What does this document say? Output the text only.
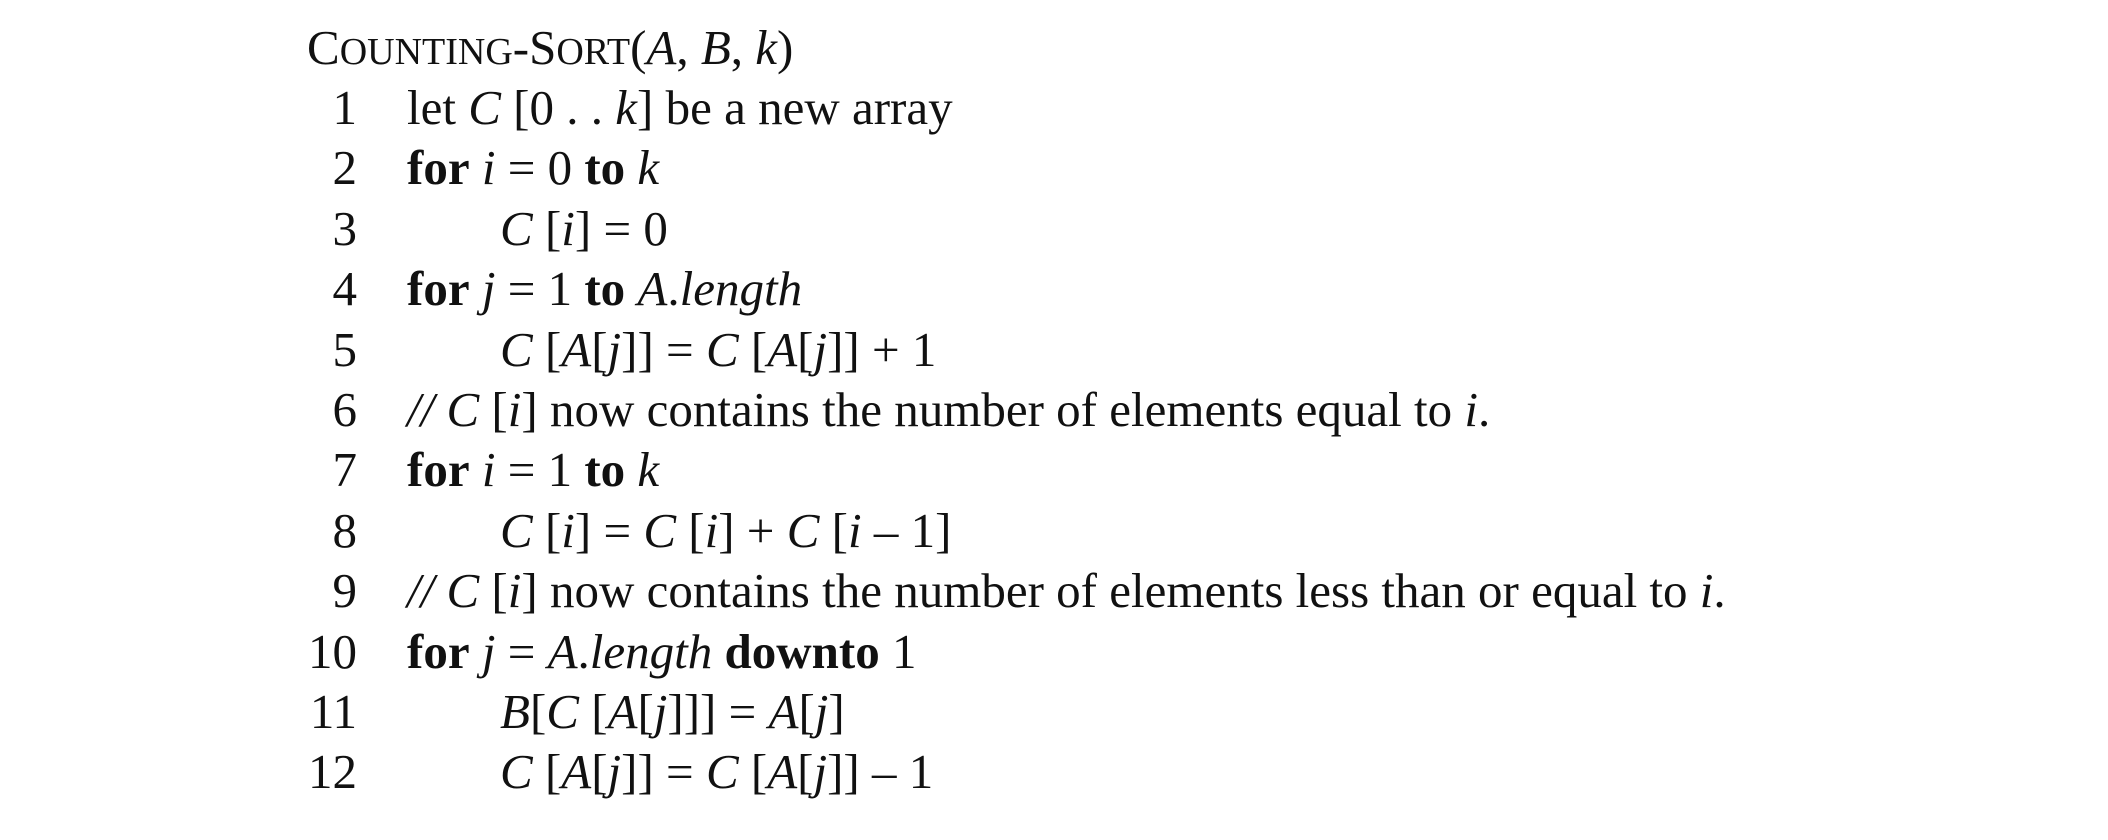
COUNTING-SORT(A, B, k)
1 let C [0 . . k] be a new array
2 for i = 0 to k
3	C [i] = 0
4 for j = 1 to A.length
5	C [A[j]] = C [A[j]] + 1
6 // C [i] now contains the number of elements equal to i.
7 for i = 1 to k
8	C [i] = C [i] + C [i – 1]
9 // C [i] now contains the number of elements less than or equal to i.
10 for j = A.length downto 1
11	B[C [A[j]]] = A[j]
12	C [A[j]] = C [A[j]] – 1
